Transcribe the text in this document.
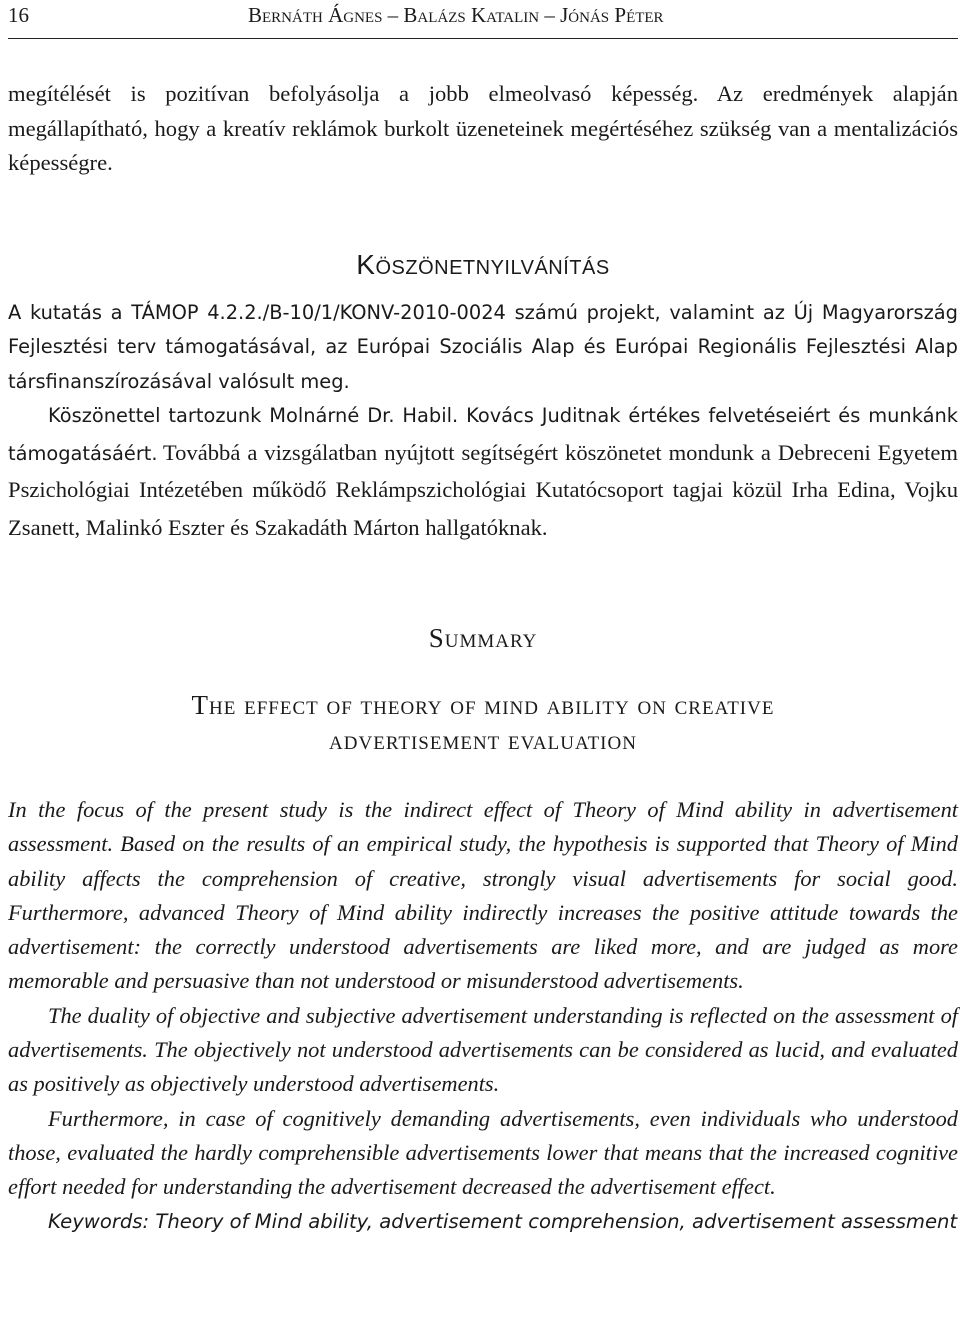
16	Bernáth Ágnes – Balázs Katalin – Jónás Péter

megítélését is pozitívan befolyásolja a jobb elmeolvasó képesség. Az eredmények alapján megállapítható, hogy a kreatív reklámok burkolt üzeneteinek megértéséhez szükség van a mentalizációs képességre.

Köszönetnyilvánítás

A kutatás a TÁMOP 4.2.2./B-10/1/KONV-2010-0024 számú projekt, valamint az Új Magyarország Fejlesztési terv támogatásával, az Európai Szociális Alap és Európai Regionális Fejlesztési Alap társfinanszírozásával valósult meg.

Köszönettel tartozunk Molnárné Dr. Habil. Kovács Juditnak értékes felvetéseiért és munkánk támogatásáért. Továbbá a vizsgálatban nyújtott segítségért köszönetet mondunk a Debreceni Egyetem Pszichológiai Intézetében működő Reklámpszichológiai Kutatócsoport tagjai közül Irha Edina, Vojku Zsanett, Malinkó Eszter és Szakadáth Márton hallgatóknak.

Summary
The effect of theory of mind ability on creative
advertisement evaluation

In the focus of the present study is the indirect effect of Theory of Mind ability in advertisement assessment. Based on the results of an empirical study, the hypothesis is supported that Theory of Mind ability affects the comprehension of creative, strongly visual advertisements for social good. Furthermore, advanced Theory of Mind ability indirectly increases the positive attitude towards the advertisement: the correctly understood advertisements are liked more, and are judged as more memorable and persuasive than not understood or misunderstood advertisements.

The duality of objective and subjective advertisement understanding is reflected on the assessment of advertisements. The objectively not understood advertisements can be considered as lucid, and evaluated as positively as objectively understood advertisements.

Furthermore, in case of cognitively demanding advertisements, even individuals who understood those, evaluated the hardly comprehensible advertisements lower that means that the increased cognitive effort needed for understanding the advertisement decreased the advertisement effect.

Keywords: Theory of Mind ability, advertisement comprehension, advertisement assessment
